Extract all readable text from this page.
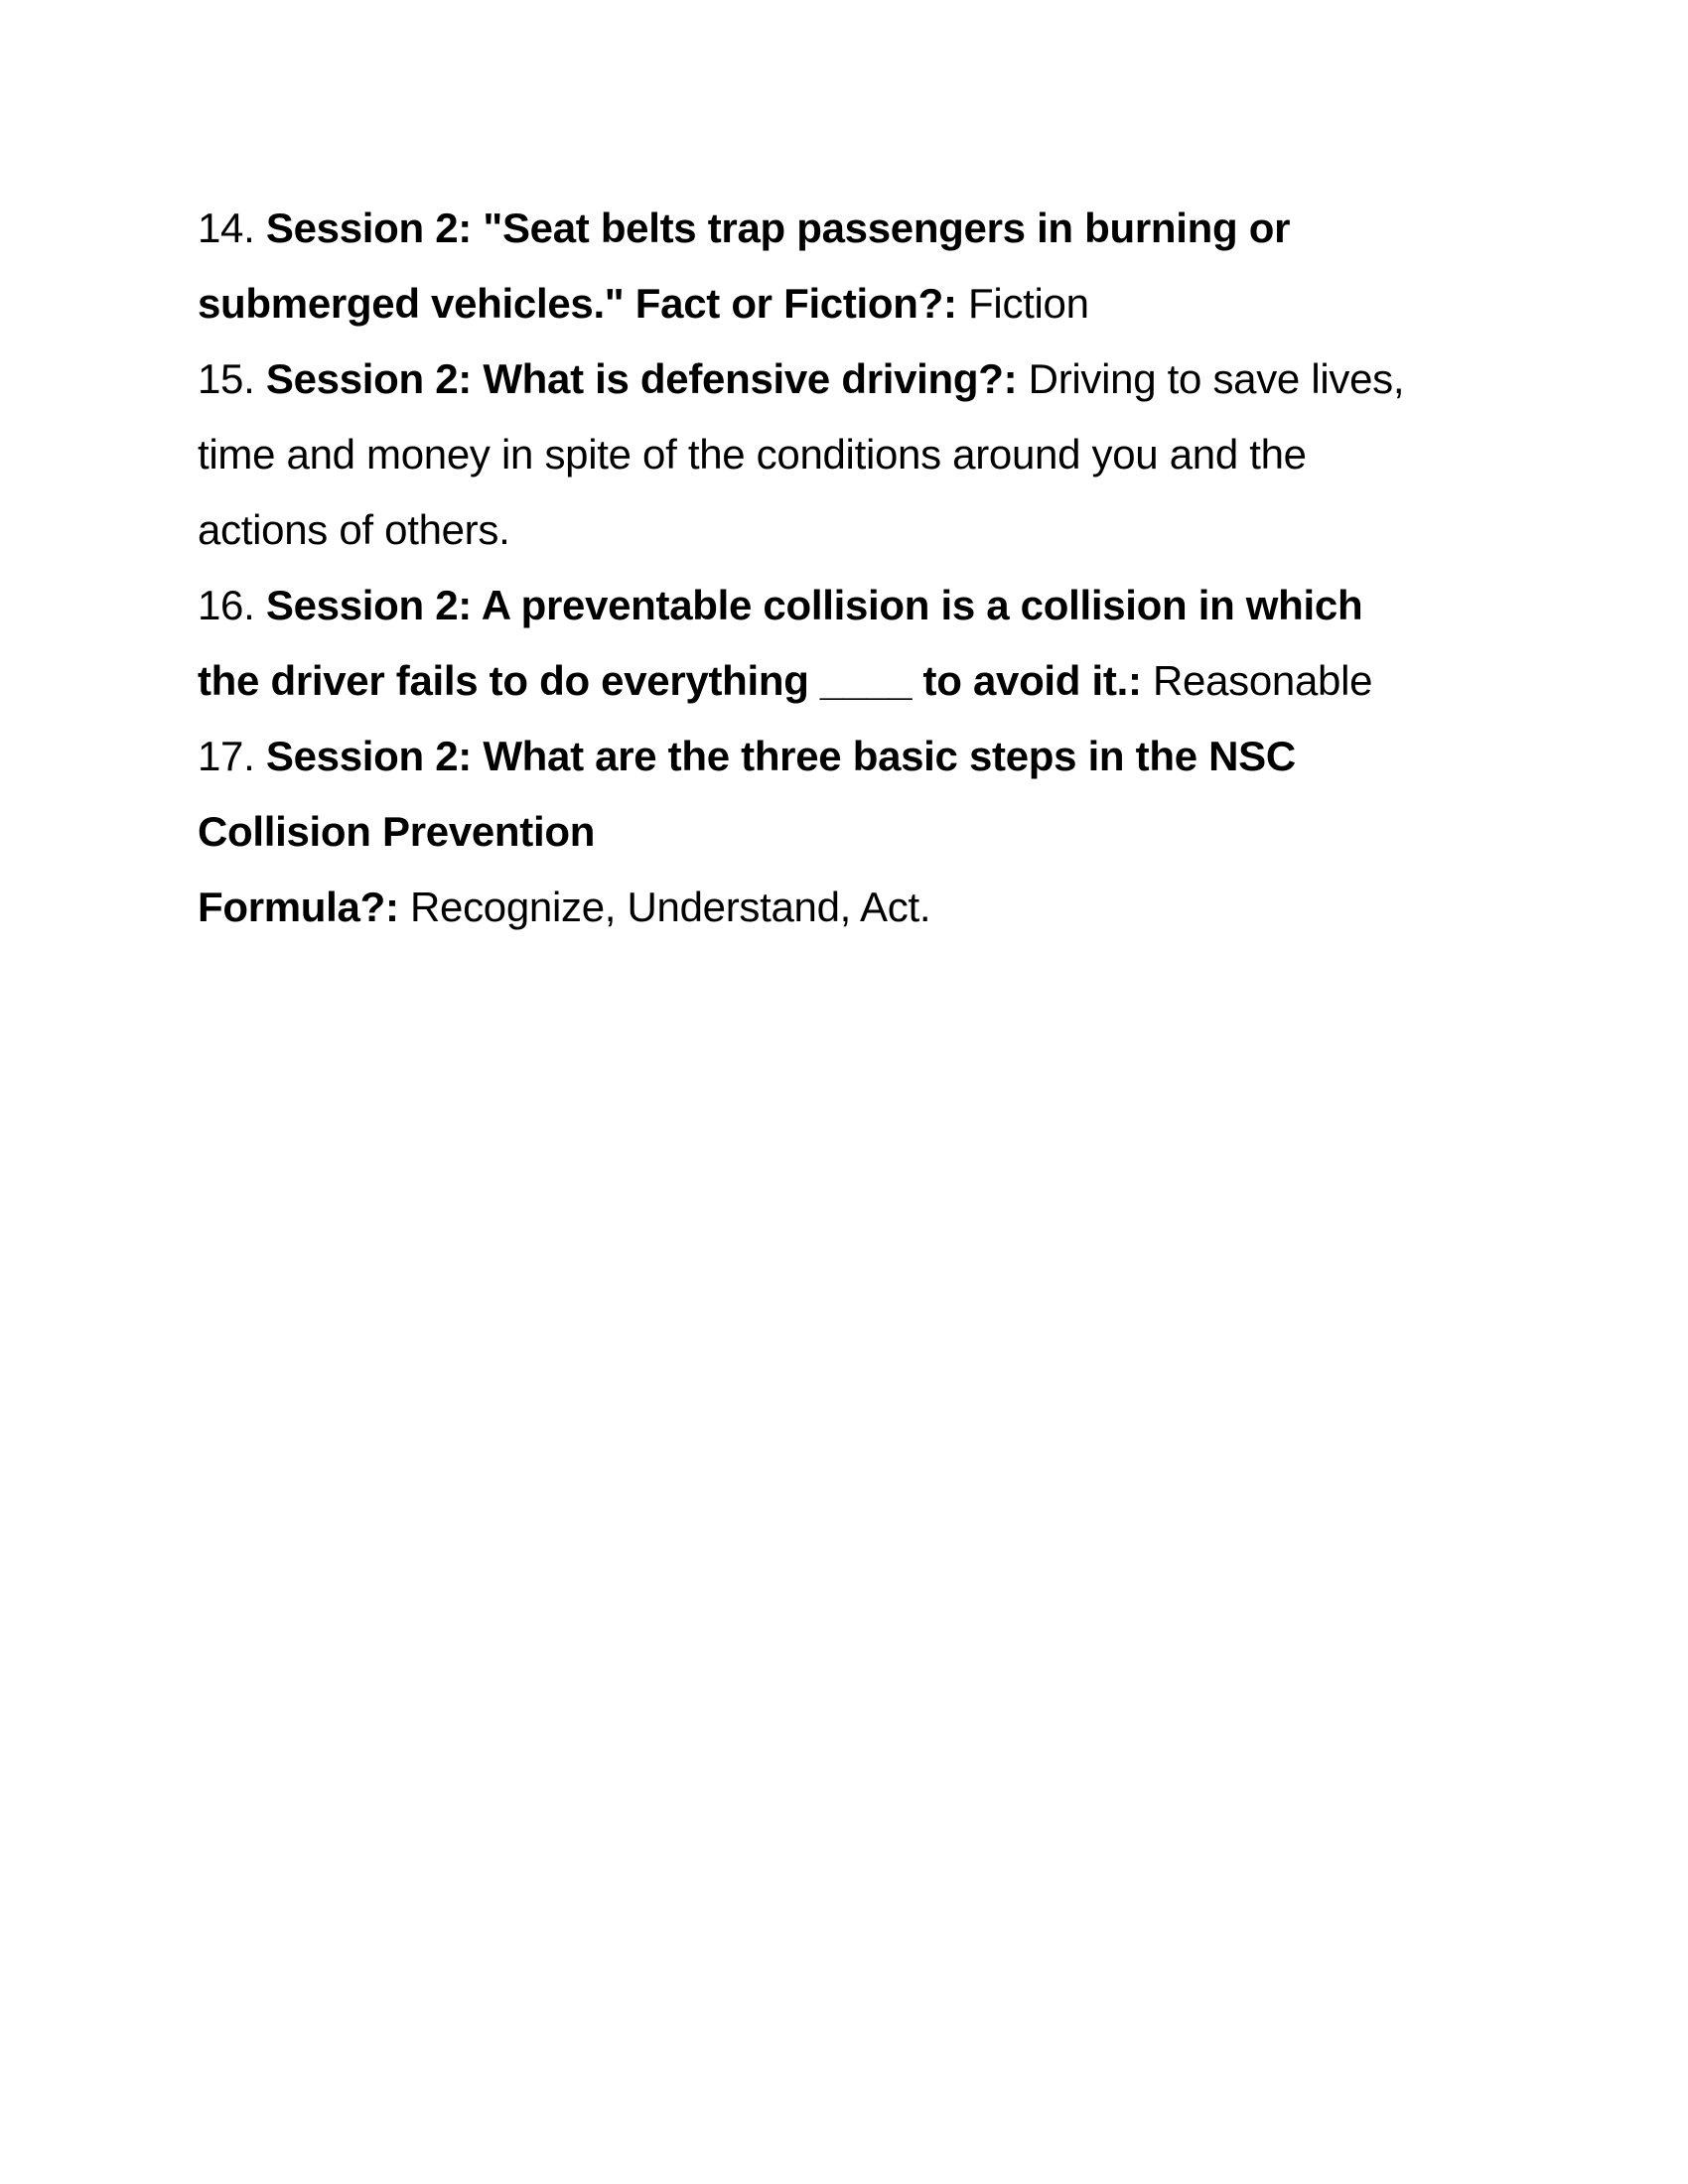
14. Session 2: "Seat belts trap passengers in burning or
submerged vehicles." Fact or Fiction?: Fiction
15. Session 2: What is defensive driving?: Driving to save lives,
time and money in spite of the conditions around you and the
actions of others.
16. Session 2: A preventable collision is a collision in which
the driver fails to do everything ____ to avoid it.: Reasonable
17. Session 2: What are the three basic steps in the NSC
Collision Prevention
Formula?: Recognize, Understand, Act.
